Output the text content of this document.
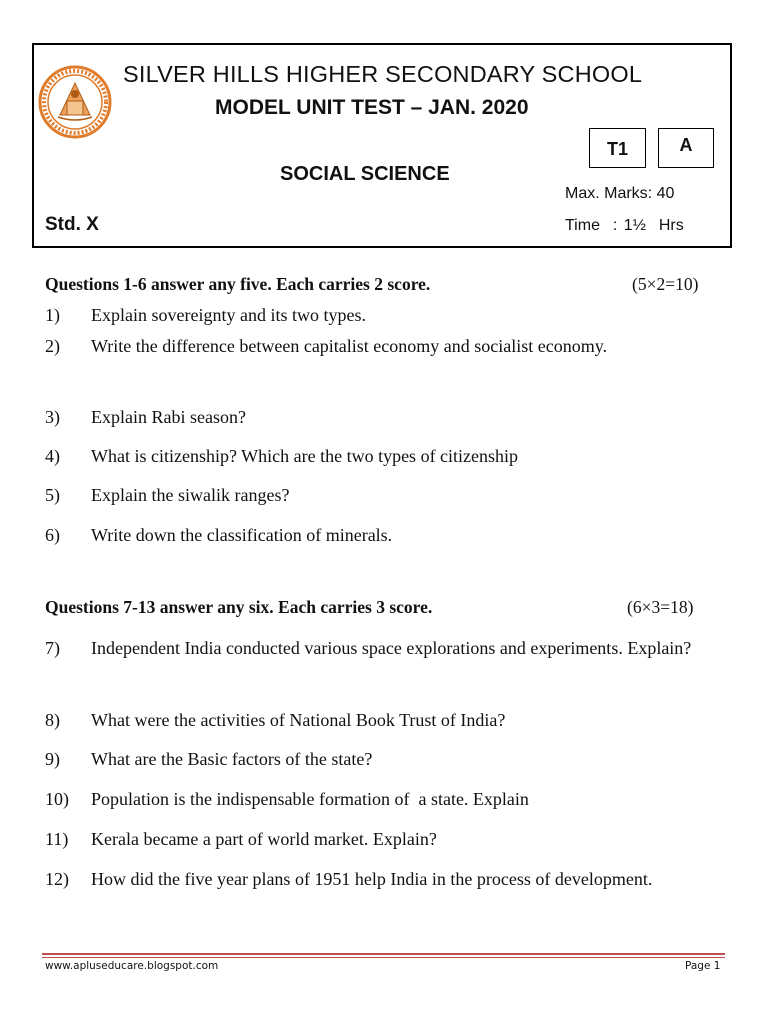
SILVER HILLS HIGHER SECONDARY SCHOOL
MODEL UNIT TEST – JAN. 2020
T1	A
SOCIAL SCIENCE
Max. Marks: 40
Std. X	Time  : 1½  Hrs
Questions 1-6 answer any five. Each carries 2 score.	(5×2=10)
1) Explain sovereignty and its two types.
2) Write the difference between capitalist economy and socialist economy.
3) Explain Rabi season?
4) What is citizenship? Which are the two types of citizenship
5) Explain the siwalik ranges?
6) Write down the classification of minerals.
Questions 7-13 answer any six. Each carries 3 score.	(6×3=18)
7) Independent India conducted various space explorations and experiments. Explain?
8) What were the activities of National Book Trust of India?
9) What are the Basic factors of the state?
10) Population is the indispensable formation of  a state. Explain
11) Kerala became a part of world market. Explain?
12) How did the five year plans of 1951 help India in the process of development.
www.apluseducare.blogspot.com	Page 1
